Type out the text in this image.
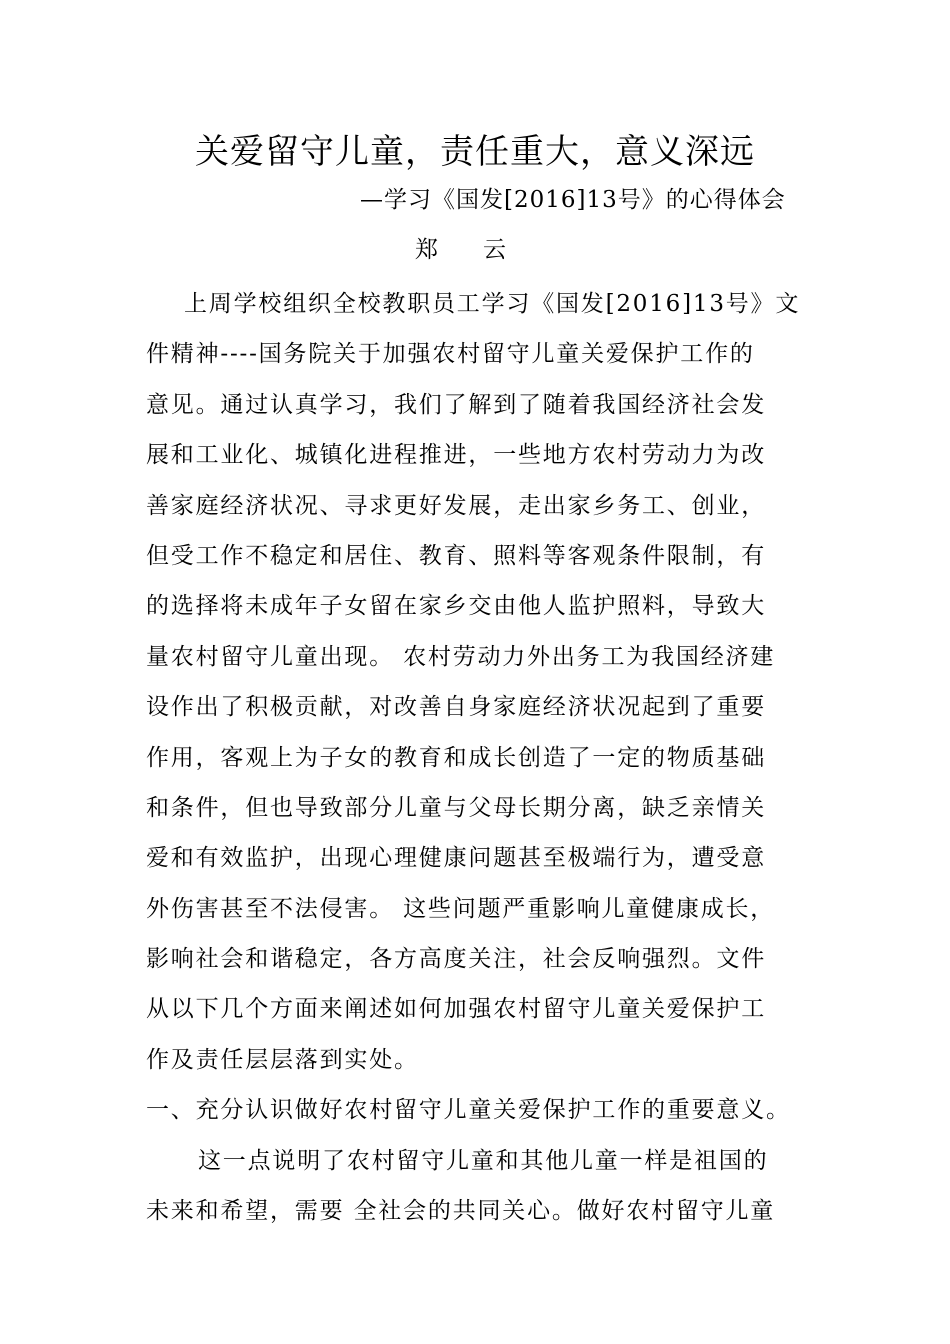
关爱留守儿童，责任重大，意义深远
—学习《国发[2016]13号》的心得体会
郑 云
上周学校组织全校教职员工学习《国发[2016]13号》文
件精神----国务院关于加强农村留守儿童关爱保护工作的
意见。通过认真学习，我们了解到了随着我国经济社会发
展和工业化、城镇化进程推进，一些地方农村劳动力为改
善家庭经济状况、寻求更好发展，走出家乡务工、创业，
但受工作不稳定和居住、教育、照料等客观条件限制，有
的选择将未成年子女留在家乡交由他人监护照料，导致大
量农村留守儿童出现。 农村劳动力外出务工为我国经济建
设作出了积极贡献，对改善自身家庭经济状况起到了重要
作用，客观上为子女的教育和成长创造了一定的物质基础
和条件，但也导致部分儿童与父母长期分离，缺乏亲情关
爱和有效监护，出现心理健康问题甚至极端行为，遭受意
外伤害甚至不法侵害。 这些问题严重影响儿童健康成长，
影响社会和谐稳定，各方高度关注，社会反响强烈。文件
从以下几个方面来阐述如何加强农村留守儿童关爱保护工
作及责任层层落到实处。
一、充分认识做好农村留守儿童关爱保护工作的重要意义。
这一点说明了农村留守儿童和其他儿童一样是祖国的
未来和希望，需要 全社会的共同关心。做好农村留守儿童
